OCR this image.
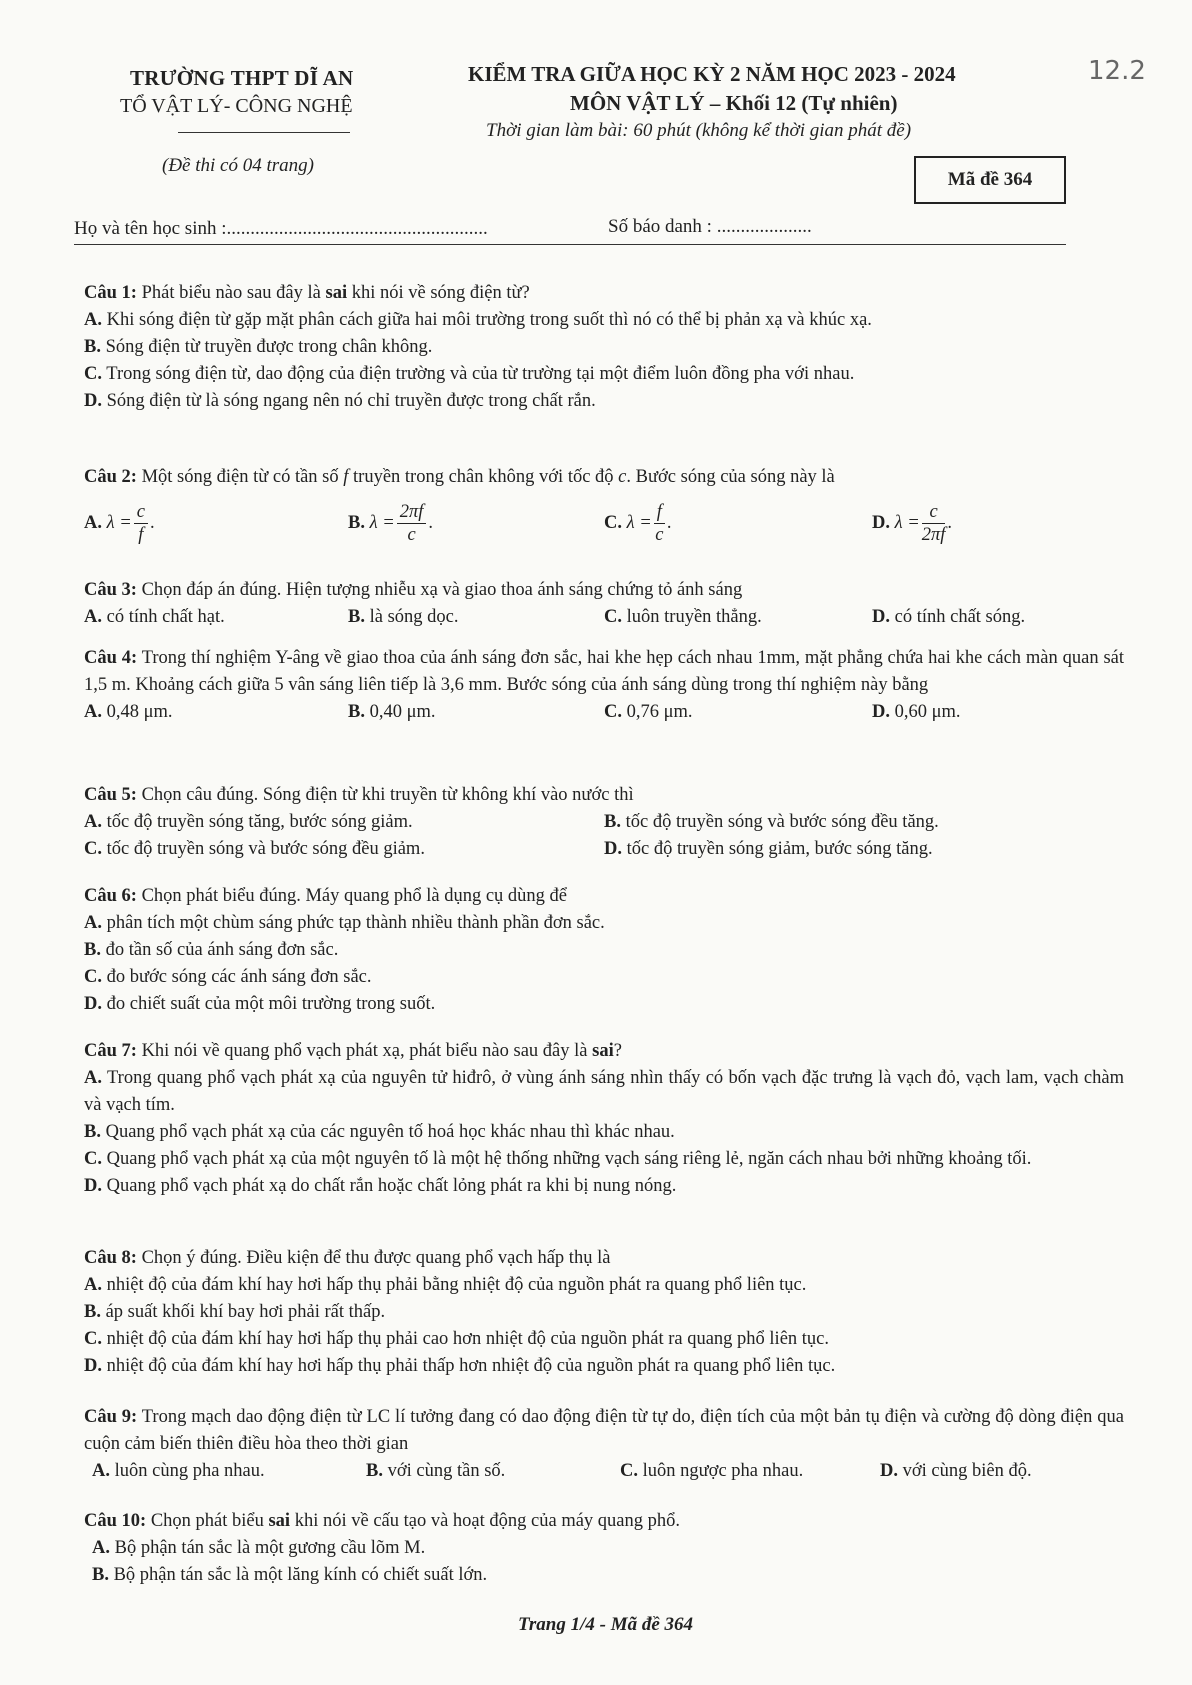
TRƯỜNG THPT DĨ AN
TỔ VẬT LÝ- CÔNG NGHỆ
(Đề thi có 04 trang)
KIỂM TRA GIỮA HỌC KỲ 2 NĂM HỌC 2023 - 2024
MÔN VẬT LÝ – Khối 12 (Tự nhiên)
Thời gian làm bài: 60 phút (không kể thời gian phát đề)
Mã đề 364
12.2
Họ và tên học sinh :.......................................................	Số báo danh : ....................
Câu 1: Phát biểu nào sau đây là sai khi nói về sóng điện từ?
A. Khi sóng điện từ gặp mặt phân cách giữa hai môi trường trong suốt thì nó có thể bị phản xạ và khúc xạ.
B. Sóng điện từ truyền được trong chân không.
C. Trong sóng điện từ, dao động của điện trường và của từ trường tại một điểm luôn đồng pha với nhau.
D. Sóng điện từ là sóng ngang nên nó chỉ truyền được trong chất rắn.
Câu 2: Một sóng điện từ có tần số f truyền trong chân không với tốc độ c. Bước sóng của sóng này là
A. $\lambda = \frac{c}{f}$ .	B. $\lambda = \frac{2\pi f}{c}$ .	C. $\lambda = \frac{f}{c}$ .	D. $\lambda = \frac{c}{2\pi f}$ .
Câu 3: Chọn đáp án đúng. Hiện tượng nhiễu xạ và giao thoa ánh sáng chứng tỏ ánh sáng
A. có tính chất hạt.	B. là sóng dọc.	C. luôn truyền thẳng.	D. có tính chất sóng.
Câu 4: Trong thí nghiệm Y-âng về giao thoa của ánh sáng đơn sắc, hai khe hẹp cách nhau 1mm, mặt phẳng chứa hai khe cách màn quan sát 1,5 m. Khoảng cách giữa 5 vân sáng liên tiếp là 3,6 mm. Bước sóng của ánh sáng dùng trong thí nghiệm này bằng
A. 0,48 μm.	B. 0,40 μm.	C. 0,76 μm.	D. 0,60 μm.
Câu 5: Chọn câu đúng. Sóng điện từ khi truyền từ không khí vào nước thì
A. tốc độ truyền sóng tăng, bước sóng giảm.	B. tốc độ truyền sóng và bước sóng đều tăng.
C. tốc độ truyền sóng và bước sóng đều giảm.	D. tốc độ truyền sóng giảm, bước sóng tăng.
Câu 6: Chọn phát biểu đúng. Máy quang phổ là dụng cụ dùng để
A. phân tích một chùm sáng phức tạp thành nhiều thành phần đơn sắc.
B. đo tần số của ánh sáng đơn sắc.
C. đo bước sóng các ánh sáng đơn sắc.
D. đo chiết suất của một môi trường trong suốt.
Câu 7: Khi nói về quang phổ vạch phát xạ, phát biểu nào sau đây là sai?
A. Trong quang phổ vạch phát xạ của nguyên tử hiđrô, ở vùng ánh sáng nhìn thấy có bốn vạch đặc trưng là vạch đỏ, vạch lam, vạch chàm và vạch tím.
B. Quang phổ vạch phát xạ của các nguyên tố hoá học khác nhau thì khác nhau.
C. Quang phổ vạch phát xạ của một nguyên tố là một hệ thống những vạch sáng riêng lẻ, ngăn cách nhau bởi những khoảng tối.
D. Quang phổ vạch phát xạ do chất rắn hoặc chất lỏng phát ra khi bị nung nóng.
Câu 8: Chọn ý đúng. Điều kiện để thu được quang phổ vạch hấp thụ là
A. nhiệt độ của đám khí hay hơi hấp thụ phải bằng nhiệt độ của nguồn phát ra quang phổ liên tục.
B. áp suất khối khí bay hơi phải rất thấp.
C. nhiệt độ của đám khí hay hơi hấp thụ phải cao hơn nhiệt độ của nguồn phát ra quang phổ liên tục.
D. nhiệt độ của đám khí hay hơi hấp thụ phải thấp hơn nhiệt độ của nguồn phát ra quang phổ liên tục.
Câu 9: Trong mạch dao động điện từ LC lí tưởng đang có dao động điện từ tự do, điện tích của một bản tụ điện và cường độ dòng điện qua cuộn cảm biến thiên điều hòa theo thời gian
A. luôn cùng pha nhau.	B. với cùng tần số.	C. luôn ngược pha nhau.	D. với cùng biên độ.
Câu 10: Chọn phát biểu sai khi nói về cấu tạo và hoạt động của máy quang phổ.
A. Bộ phận tán sắc là một gương cầu lõm M.
B. Bộ phận tán sắc là một lăng kính có chiết suất lớn.
Trang 1/4 - Mã đề 364
